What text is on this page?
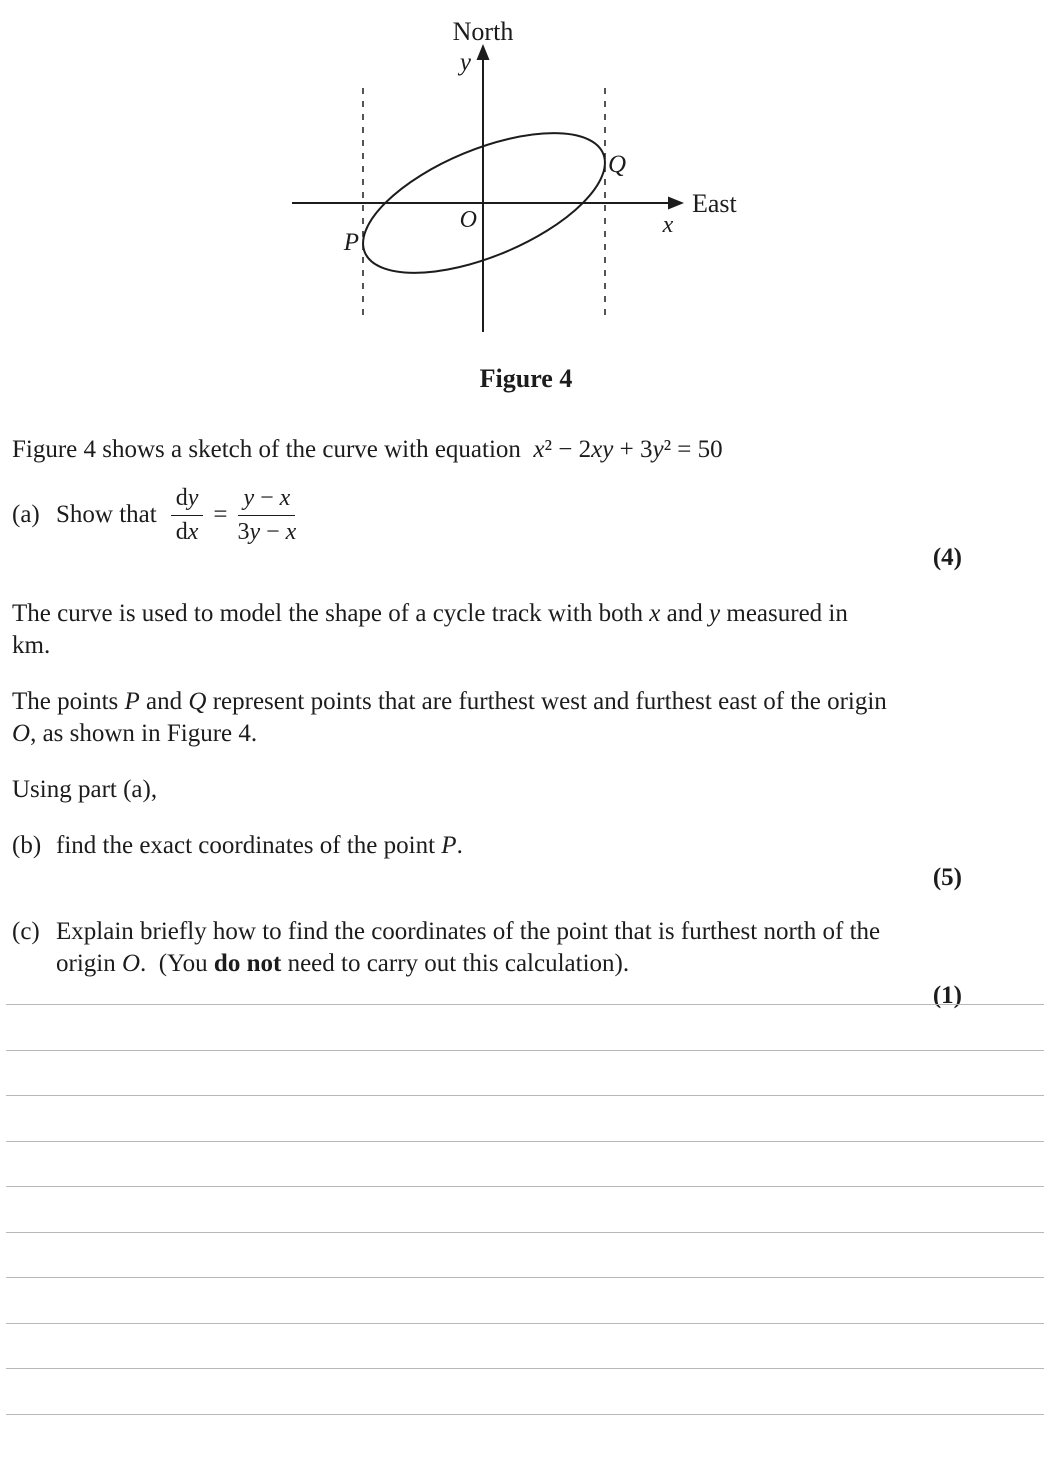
North
y
East
x
O
P
Q
Figure 4
Figure 4 shows a sketch of the curve with equation  x² − 2xy + 3y² = 50
(a) Show that $\frac{dy}{dx} = \frac{y - x}{3y - x}$
(4)
The curve is used to model the shape of a cycle track with both x and y measured in km.
The points P and Q represent points that are furthest west and furthest east of the origin O, as shown in Figure 4.
Using part (a),
(b) find the exact coordinates of the point P.
(5)
(c) Explain briefly how to find the coordinates of the point that is furthest north of the origin O.  (You do not need to carry out this calculation).
(1)
